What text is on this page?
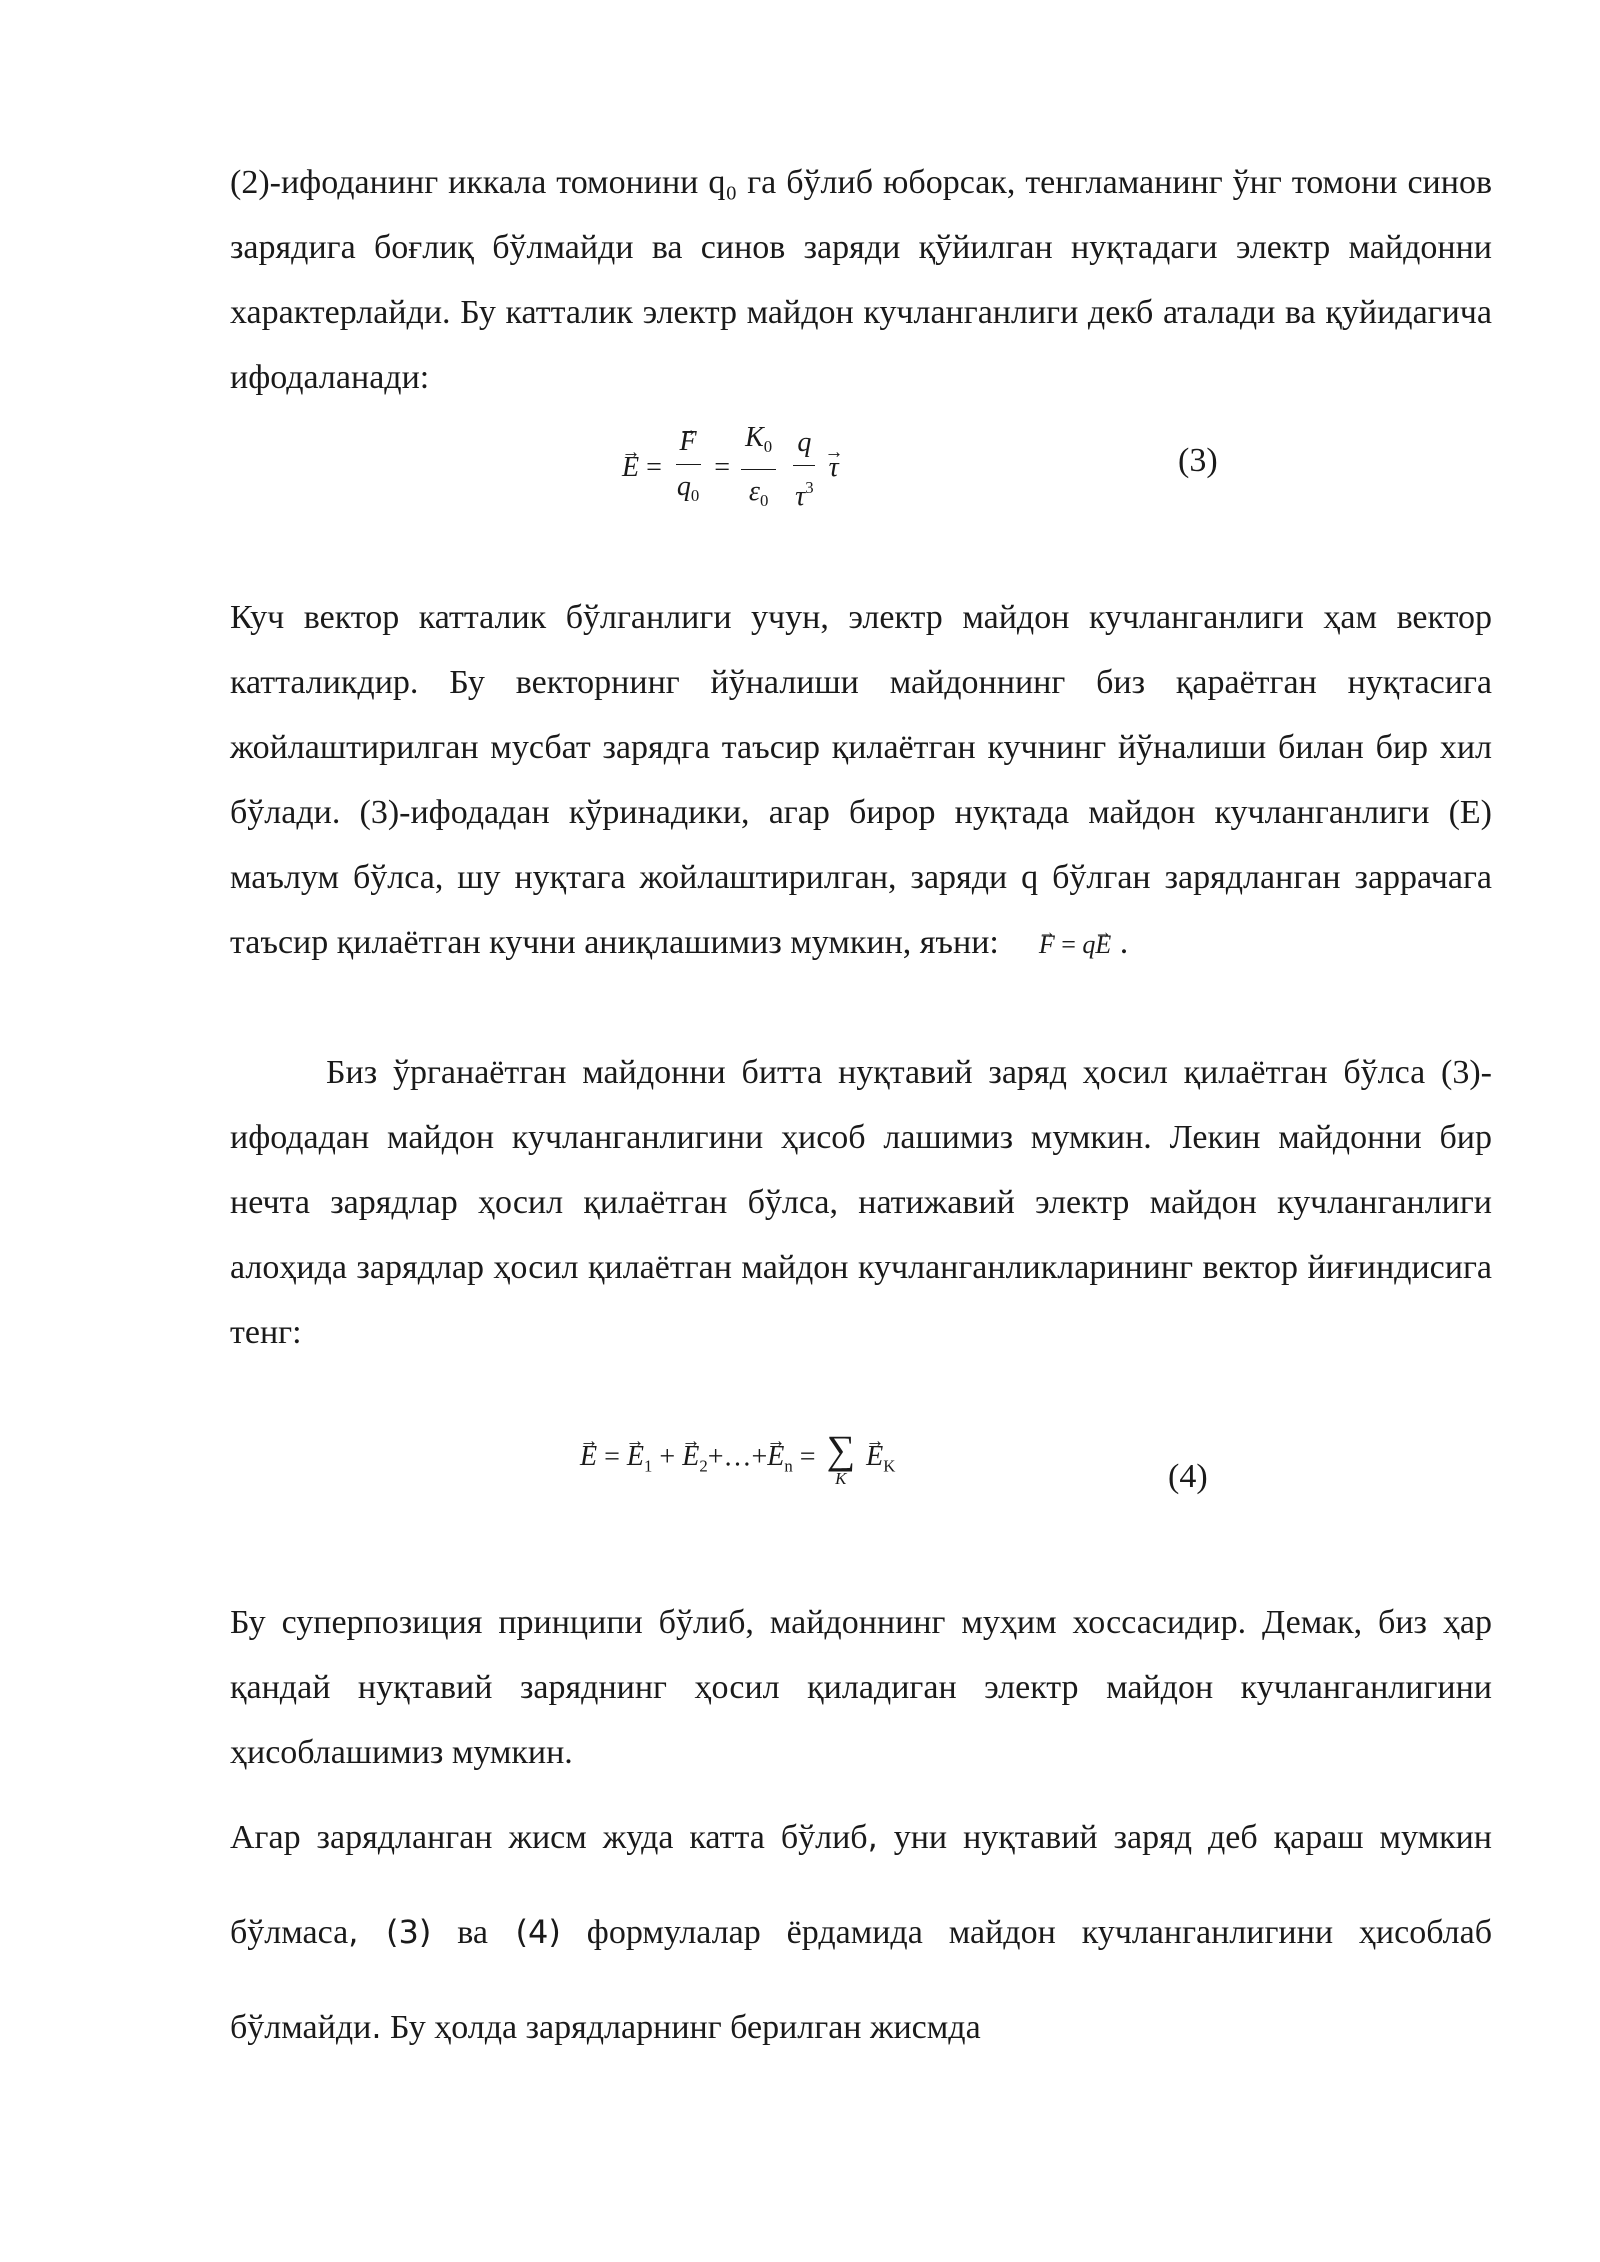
(2)-ифоданинг иккала томонини q₀ га бўлиб юборсак, тенгламанинг ўнг томони синов зарядига боғлиқ бўлмайди ва синов заряди қўйилган нуқтадаги электр майдонни характерлайди. Бу катталик электр майдон кучланганлиги декб аталади ва қуйидагича ифодаланади:

→ E =
→ $\frac{F}{q_0} = \frac{K_0}{\varepsilon_0}$
$\frac{q}{\tau^3}$
→ τ	(3)

Куч вектор катталик бўлганлиги учун, электр майдон кучланганлиги ҳам вектор катталикдир. Бу векторнинг йўналиши майдоннинг биз қараётган нуқтасига жойлаштирилган мусбат зарядга таъсир қилаётган кучнинг йўналиши билан бир хил бўлади. (3)-ифодадан кўринадики, агар бирор нуқтада майдон кучланганлиги (Е) маълум бўлса, шу нуқтага жойлаштирилган, заряди q бўлган зарядланган заррачага таъсир қилаётган кучни аниқлашимиз мумкин, яъни:→ F = q→ E .

Биз ўрганаётган майдонни битта нуқтавий заряд ҳосил қилаётган бўлса (3)-ифодадан майдон кучланганлигини ҳисоб лашимиз мумкин. Лекин майдонни бир нечта зарядлар ҳосил қилаётган бўлса, натижавий электр майдон кучланганлиги алоҳида зарядлар ҳосил қилаётган майдон кучланганликларининг вектор йиғиндисига тенг:

→ E = → $E_1$ + → $E_2+\dots+\to E_n$ = ∑
K
→ $E_K$	(4)

Бу суперпозиция принципи бўлиб, майдоннинг муҳим хоссасидир. Демак, биз ҳар қандай нуқтавий заряднинг ҳосил қиладиган электр майдон кучланганлигини ҳисоблашимиз мумкин.

Агар зарядланган жисм жуда катта бўлиб, уни нуқтавий заряд деб қараш мумкин бўлмаса, (3) ва (4) формулалар ёрдамида майдон кучланганлигини ҳисоблаб бўлмайди. Бу ҳолда зарядларнинг берилган жисмда
